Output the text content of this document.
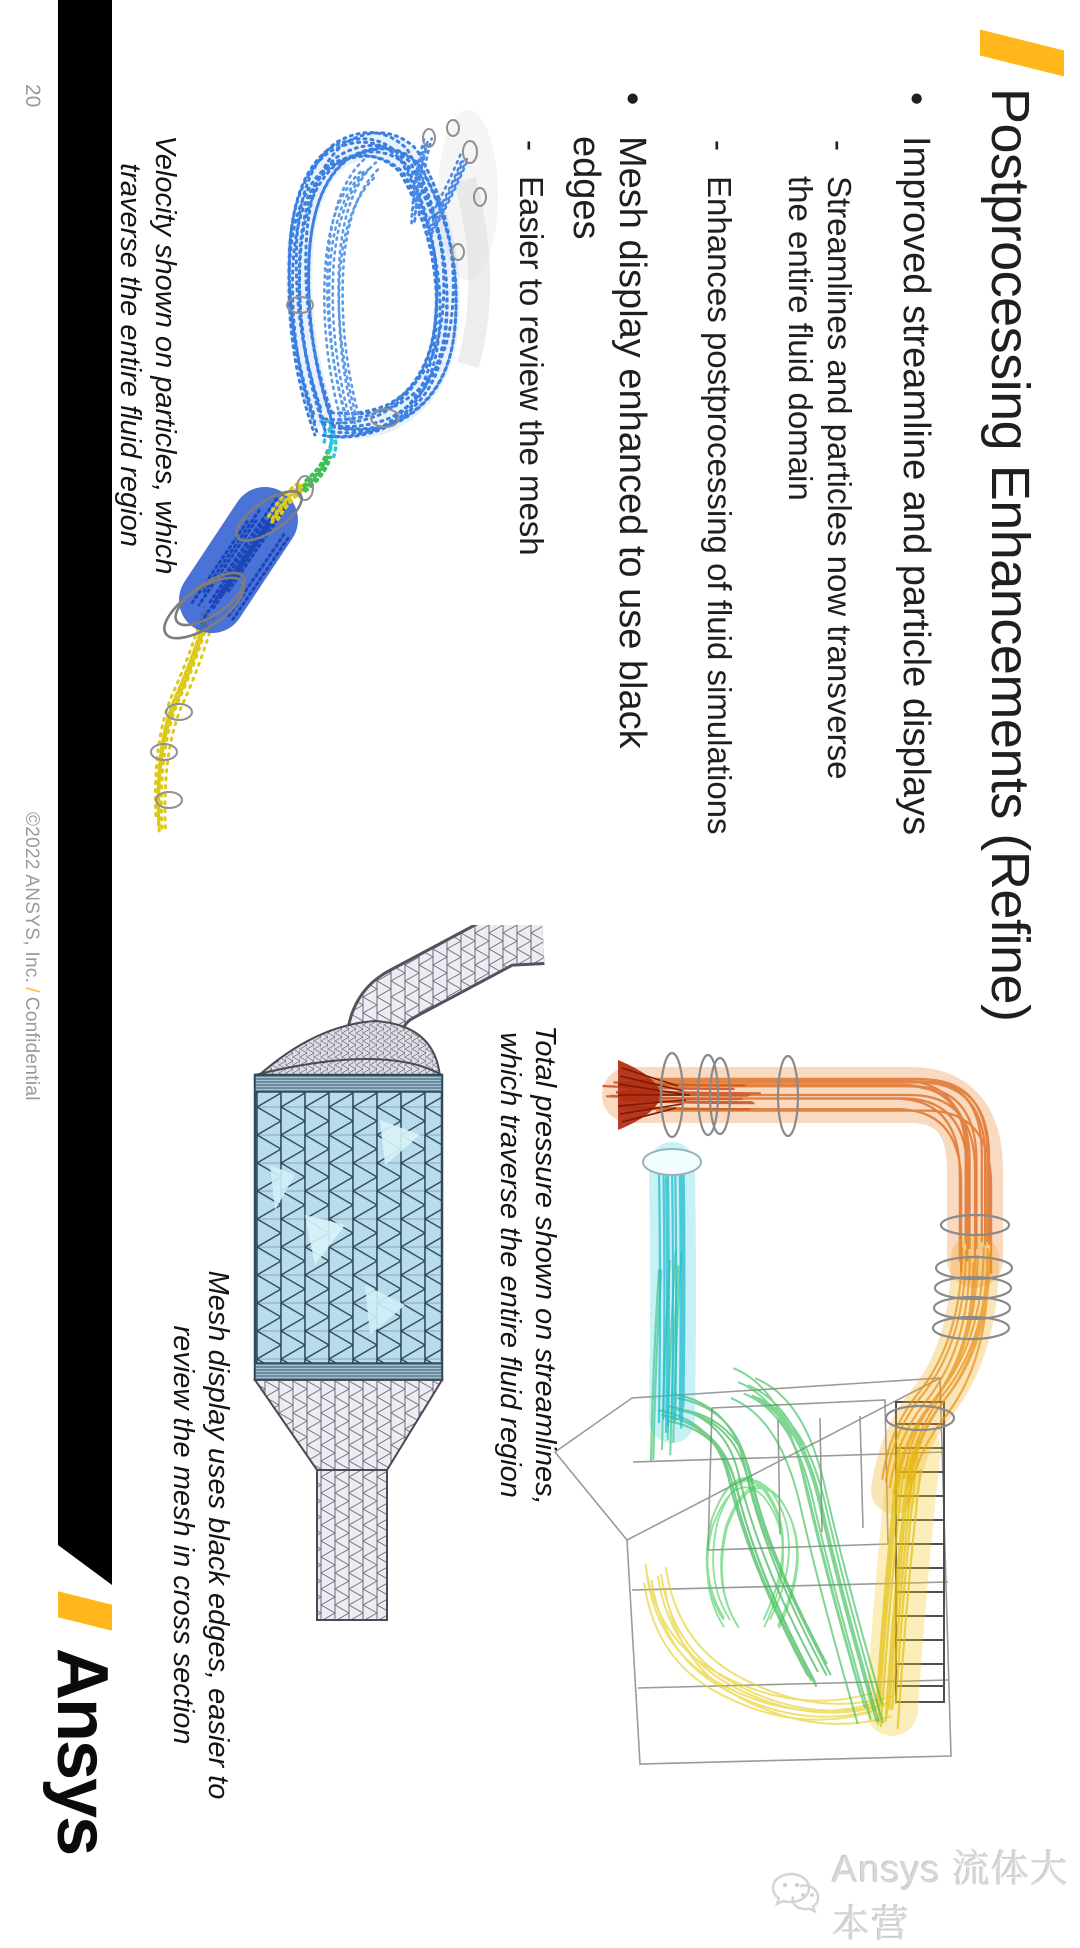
Postprocessing Enhancements (Refine)
•
Improved streamline and particle displays
-
Streamlines and particles now transverse the entire fluid domain
-
Enhances postprocessing of fluid simulations
•
Mesh display enhanced to use black edges
-
Easier to review the mesh
Velocity shown on particles, which traverse the entire fluid region
Mesh display uses black edges, easier to review the mesh in cross section
Total pressure shown on streamlines, which traverse the entire fluid region
Ansys
20
©2022 ANSYS, Inc./Confidential
Ansys 流体大本营
